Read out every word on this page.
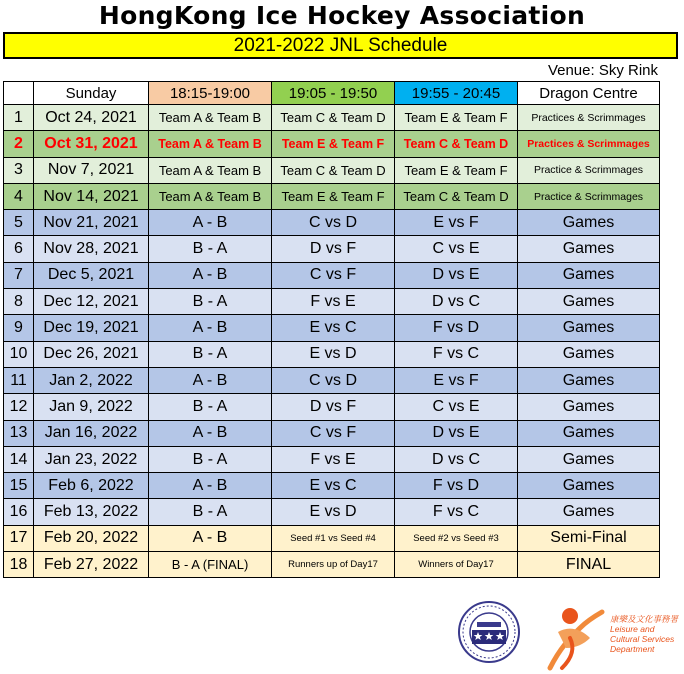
HongKong Ice Hockey Association
2021-2022 JNL Schedule
Venue: Sky Rink
	Sunday	18:15-19:00	19:05 - 19:50	19:55 - 20:45	Dragon Centre
1	Oct 24, 2021	Team A & Team B	Team C & Team D	Team E & Team F	Practices & Scrimmages
2	Oct 31, 2021	Team A & Team B	Team E & Team F	Team C & Team D	Practices & Scrimmages
3	Nov 7, 2021	Team A & Team B	Team C & Team D	Team E & Team F	Practice & Scrimmages
4	Nov 14, 2021	Team A & Team B	Team E & Team F	Team C & Team D	Practice & Scrimmages
5	Nov 21, 2021	A - B	C vs D	E vs F	Games
6	Nov 28, 2021	B - A	D vs F	C vs E	Games
7	Dec 5, 2021	A - B	C vs F	D vs E	Games
8	Dec 12, 2021	B - A	F vs E	D vs C	Games
9	Dec 19, 2021	A - B	E vs C	F vs D	Games
10	Dec 26, 2021	B - A	E vs D	F vs C	Games
11	Jan 2, 2022	A - B	C vs D	E vs F	Games
12	Jan 9, 2022	B - A	D vs F	C vs E	Games
13	Jan 16, 2022	A - B	C vs F	D vs E	Games
14	Jan 23, 2022	B - A	F vs E	D vs C	Games
15	Feb 6, 2022	A - B	E vs C	F vs D	Games
16	Feb 13, 2022	B - A	E vs D	F vs C	Games
17	Feb 20, 2022	A - B	Seed #1 vs Seed #4	Seed #2 vs Seed #3	Semi-Final
18	Feb 27, 2022	B - A (FINAL)	Runners up of Day17	Winners of Day17	FINAL
康樂及文化事務署
Leisure and Cultural Services Department
